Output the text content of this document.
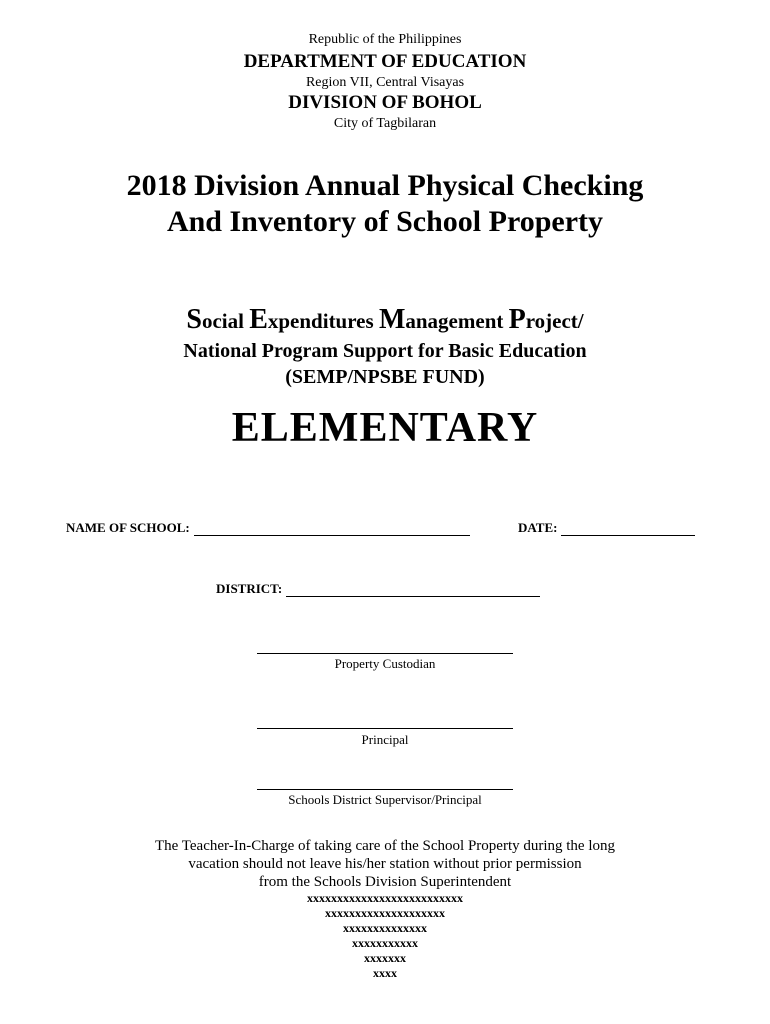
Republic of the Philippines
DEPARTMENT OF EDUCATION
Region VII, Central Visayas
DIVISION OF BOHOL
City of Tagbilaran
2018 Division Annual Physical Checking
And Inventory of School Property
Social Expenditures Management Project/
National Program Support for Basic Education
(SEMP/NPSBE FUND)
ELEMENTARY
NAME OF SCHOOL:	DATE:
DISTRICT:
Property Custodian
Principal
Schools District Supervisor/Principal
The Teacher-In-Charge of taking care of the School Property during the long
vacation should not leave his/her station without prior permission
from the Schools Division Superintendent
xxxxxxxxxxxxxxxxxxxxxxxxxx
xxxxxxxxxxxxxxxxxxxx
xxxxxxxxxxxxxx
xxxxxxxxxxx
xxxxxxx
xxxx
